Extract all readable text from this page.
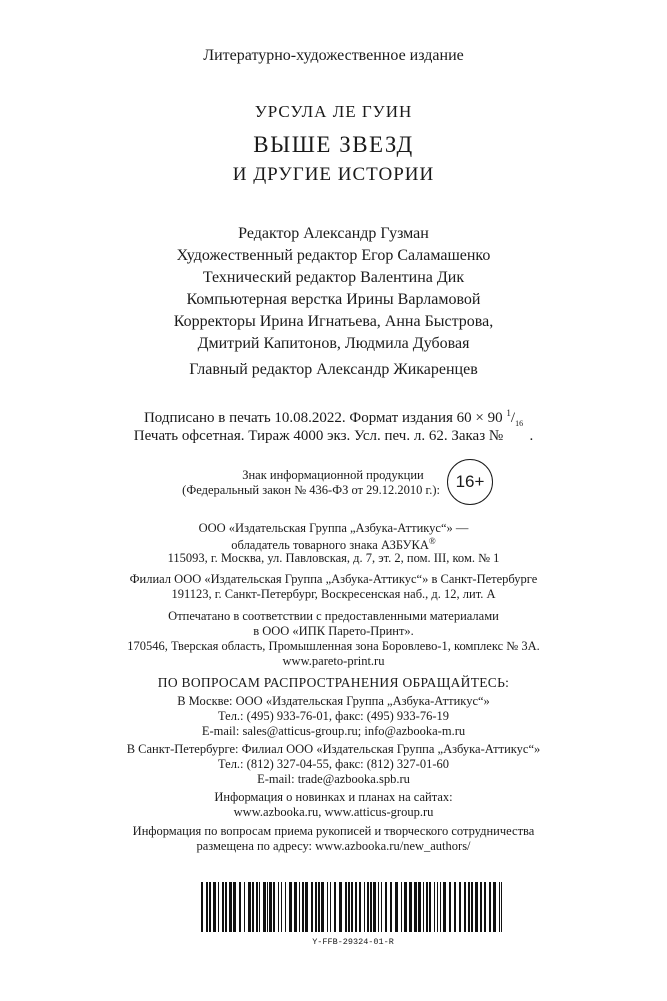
Литературно-художественное издание
УРСУЛА ЛЕ ГУИН
ВЫШЕ ЗВЕЗД
И ДРУГИЕ ИСТОРИИ
Редактор Александр Гузман
Художественный редактор Егор Саламашенко
Технический редактор Валентина Дик
Компьютерная верстка Ирины Варламовой
Корректоры Ирина Игнатьева, Анна Быстрова,
Дмитрий Капитонов, Людмила Дубовая
Главный редактор Александр Жикаренцев
Подписано в печать 10.08.2022. Формат издания 60 × 90 $^1/_{16}$
Печать офсетная. Тираж 4000 экз. Усл. печ. л. 62. Заказ № .
Знак информационной продукции
(Федеральный закон № 436-ФЗ от 29.12.2010 г.): 16+
ООО «Издательская Группа „Азбука-Аттикус“» —
обладатель товарного знака АЗБУКА®
115093, г. Москва, ул. Павловская, д. 7, эт. 2, пом. III, ком. № 1
Филиал ООО «Издательская Группа „Азбука-Аттикус“» в Санкт-Петербурге
191123, г. Санкт-Петербург, Воскресенская наб., д. 12, лит. А
Отпечатано в соответствии с предоставленными материалами
в ООО «ИПК Парето-Принт».
170546, Тверская область, Промышленная зона Боровлево-1, комплекс № 3А.
www.pareto-print.ru
ПО ВОПРОСАМ РАСПРОСТРАНЕНИЯ ОБРАЩАЙТЕСЬ:
В Москве: ООО «Издательская Группа „Азбука-Аттикус“»
Тел.: (495) 933-76-01, факс: (495) 933-76-19
E-mail: sales@atticus-group.ru; info@azbooka-m.ru
В Санкт-Петербурге: Филиал ООО «Издательская Группа „Азбука-Аттикус“»
Тел.: (812) 327-04-55, факс: (812) 327-01-60
E-mail: trade@azbooka.spb.ru
Информация о новинках и планах на сайтах:
www.azbooka.ru, www.atticus-group.ru
Информация по вопросам приема рукописей и творческого сотрудничества
размещена по адресу: www.azbooka.ru/new_authors/
Y-FFB-29324-01-R
